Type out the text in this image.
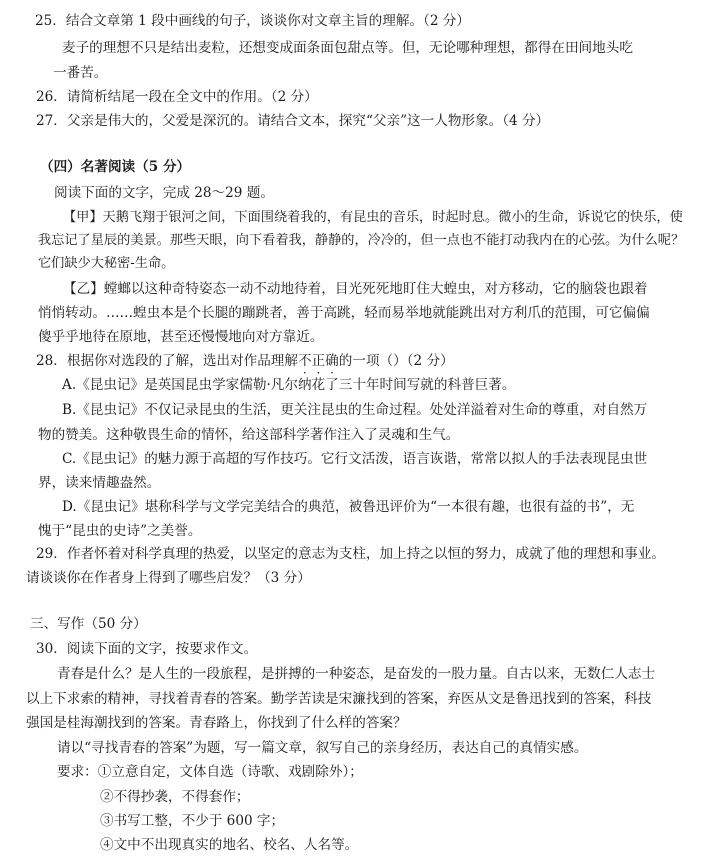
25．结合文章第 1 段中画线的句子，谈谈你对文章主旨的理解。（2 分）
麦子的理想不只是结出麦粒，还想变成面条面包甜点等。但，无论哪种理想，都得在田间地头吃
一番苦。
26．请简析结尾一段在全文中的作用。（2 分）
27．父亲是伟大的，父爱是深沉的。请结合文本，探究“父亲”这一人物形象。（4 分）
（四）名著阅读（5 分）
阅读下面的文字，完成 28～29 题。
【甲】天鹅飞翔于银河之间，下面围绕着我的，有昆虫的音乐，时起时息。微小的生命，诉说它的快乐，使
我忘记了星辰的美景。那些天眼，向下看着我，静静的，冷冷的，但一点也不能打动我内在的心弦。为什么呢？
它们缺少大秘密-生命。
【乙】螳螂以这种奇特姿态一动不动地待着，目光死死地盯住大蝗虫，对方移动，它的脑袋也跟着
悄悄转动。……蝗虫本是个长腿的蹦跳者，善于高跳，轻而易举地就能跳出对方利爪的范围，可它偏偏
傻乎乎地待在原地，甚至还慢慢地向对方靠近。
28．根据你对选段的了解，选出对作品理解不正确的一项（）（2 分）
A.《昆虫记》是英国昆虫学家儒勒·凡尔纳花了三十年时间写就的科普巨著。
B.《昆虫记》不仅记录昆虫的生活，更关注昆虫的生命过程。处处洋溢着对生命的尊重，对自然万
物的赞美。这种敬畏生命的情怀，给这部科学著作注入了灵魂和生气。
C.《昆虫记》的魅力源于高超的写作技巧。它行文活泼，语言诙谐，常常以拟人的手法表现昆虫世
界，读来情趣盎然。
D.《昆虫记》堪称科学与文学完美结合的典范，被鲁迅评价为“一本很有趣，也很有益的书”，无
愧于“昆虫的史诗”之美誉。
29．作者怀着对科学真理的热爱，以坚定的意志为支柱，加上持之以恒的努力，成就了他的理想和事业。
请谈谈你在作者身上得到了哪些启发？（3 分）
三、写作（50 分）
30．阅读下面的文字，按要求作文。
青春是什么？是人生的一段旅程，是拼搏的一种姿态，是奋发的一股力量。自古以来，无数仁人志士
以上下求索的精神，寻找着青春的答案。勤学苦读是宋濂找到的答案，弃医从文是鲁迅找到的答案，科技
强国是桂海潮找到的答案。青春路上，你找到了什么样的答案？
请以“寻找青春的答案”为题，写一篇文章，叙写自己的亲身经历，表达自己的真情实感。
要求：①立意自定，文体自选（诗歌、戏剧除外）；
②不得抄袭，不得套作；
③书写工整，不少于 600 字；
④文中不出现真实的地名、校名、人名等。
